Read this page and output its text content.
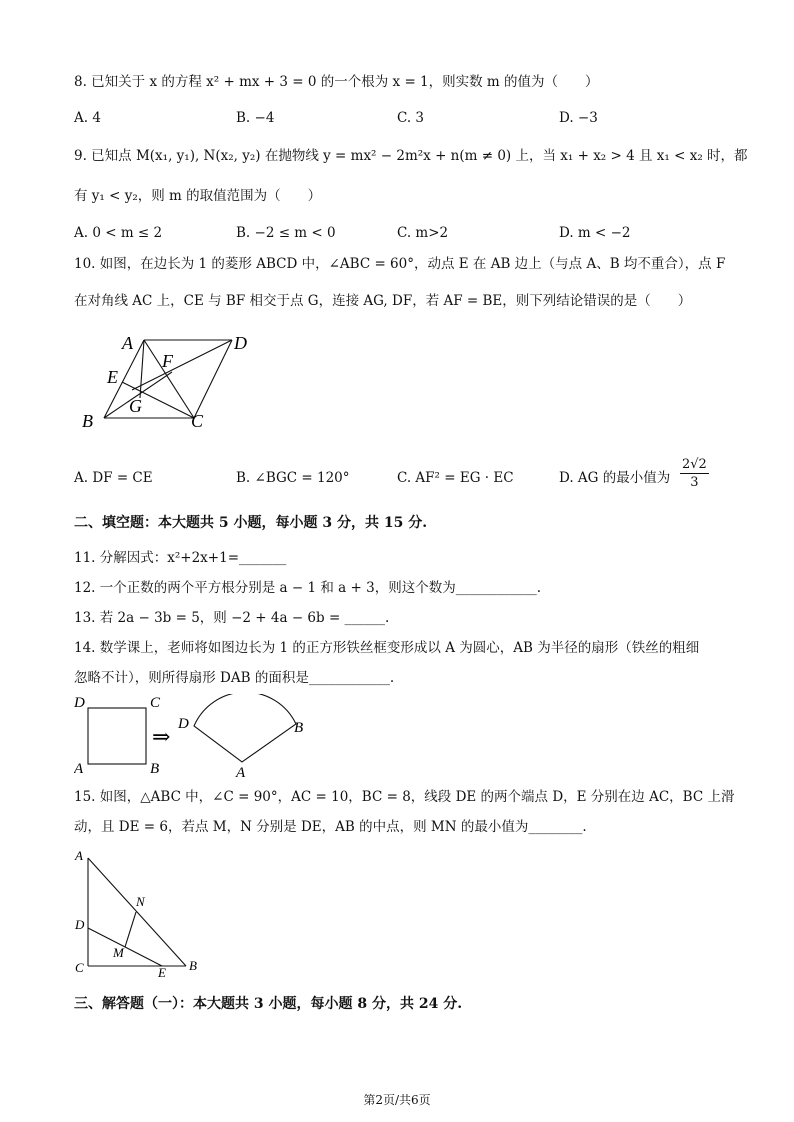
8. 已知关于 x 的方程 x² + mx + 3 = 0 的一个根为 x = 1，则实数 m 的值为（　　）
A. 4	B. −4	C. 3	D. −3
9. 已知点 M(x₁, y₁), N(x₂, y₂) 在抛物线 y = mx² − 2m²x + n(m ≠ 0) 上，当 x₁ + x₂ > 4 且 x₁ < x₂ 时，都
有 y₁ < y₂，则 m 的取值范围为（　　）
A. 0 < m ≤ 2	B. −2 ≤ m < 0	C. m>2	D. m < −2
10. 如图，在边长为 1 的菱形 ABCD 中，∠ABC = 60°，动点 E 在 AB 边上（与点 A、B 均不重合），点 F
在对角线 AC 上，CE 与 BF 相交于点 G，连接 AG, DF，若 AF = BE，则下列结论错误的是（　　）
A	D
F
E
G
B	C
A. DF = CE	B. ∠BGC = 120°	C. AF² = EG · EC	D. AG 的最小值为 $\frac{2√2}{3}$
二、填空题：本大题共 5 小题，每小题 3 分，共 15 分.
11. 分解因式：x²+2x+1=_______
12. 一个正数的两个平方根分别是 a − 1 和 a + 3，则这个数为____________.
13. 若 2a − 3b = 5，则 −2 + 4a − 6b = ______.
14. 数学课上，老师将如图边长为 1 的正方形铁丝框变形成以 A 为圆心，AB 为半径的扇形（铁丝的粗细
忽略不计），则所得扇形 DAB 的面积是____________.
D	C
A	B
⇒ D	B
A
15. 如图，△ABC 中，∠C = 90°，AC = 10，BC = 8，线段 DE 的两个端点 D，E 分别在边 AC，BC 上滑
动，且 DE = 6，若点 M，N 分别是 DE，AB 的中点，则 MN 的最小值为________.
A
N
D
M
C	E B
三、解答题（一）：本大题共 3 小题，每小题 8 分，共 24 分.
第2页/共6页
